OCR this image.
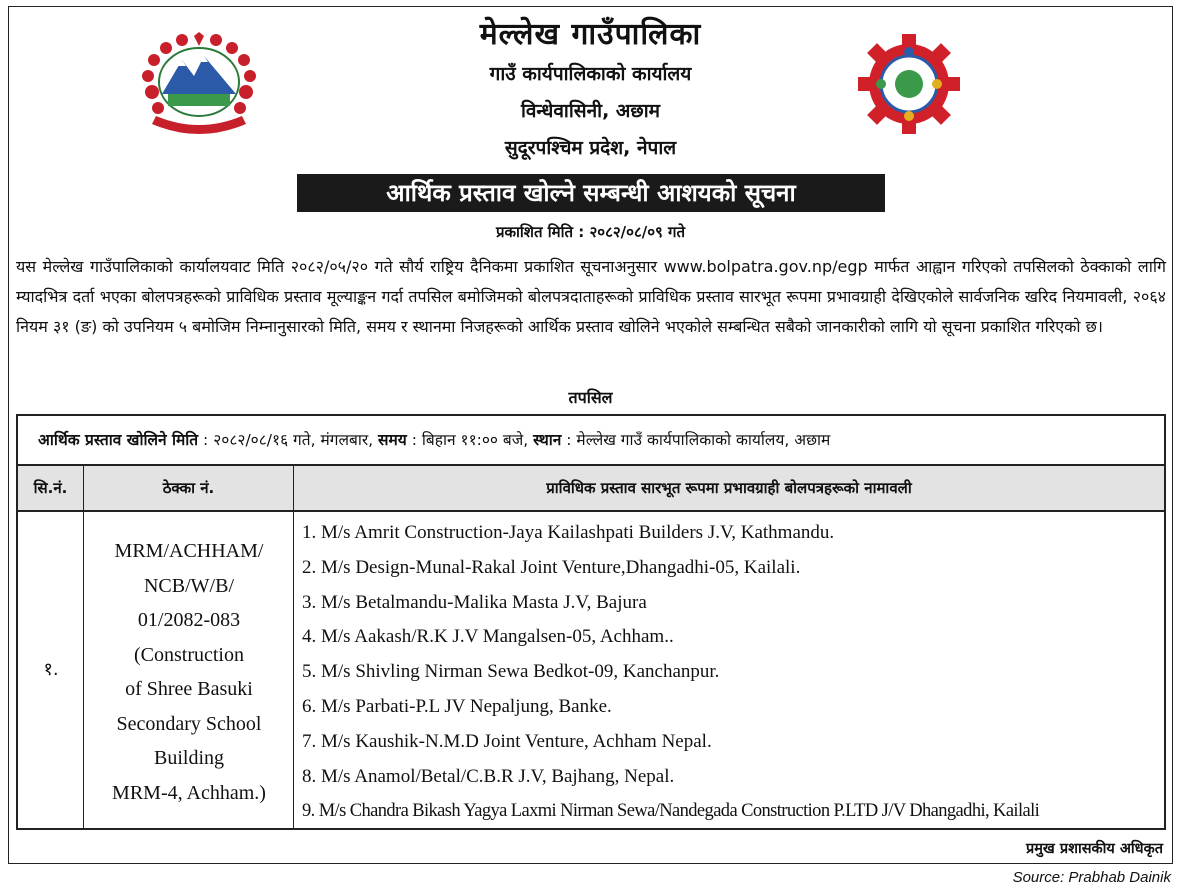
मेल्लेख गाउँपालिका
गाउँ कार्यपालिकाको कार्यालय
विन्धेवासिनी, अछाम
सुदूरपश्चिम प्रदेश, नेपाल
आर्थिक प्रस्ताव खोल्ने सम्बन्धी आशयको सूचना
प्रकाशित मिति : २०८२/०८/०९ गते
यस मेल्लेख गाउँपालिकाको कार्यालयवाट मिति २०८२/०५/२० गते सौर्य राष्ट्रिय दैनिकमा प्रकाशित सूचनाअनुसार www.bolpatra.gov.np/egp मार्फत आह्वान गरिएको तपसिलको ठेक्काको लागि म्यादभित्र दर्ता भएका बोलपत्रहरूको प्राविधिक प्रस्ताव मूल्याङ्कन गर्दा तपसिल बमोजिमको बोलपत्रदाताहरूको प्राविधिक प्रस्ताव सारभूत रूपमा प्रभावग्राही देखिएकोले सार्वजनिक खरिद नियमावली, २०६४ नियम ३१ (ङ) को उपनियम ५ बमोजिम निम्नानुसारको मिति, समय र स्थानमा निजहरूको आर्थिक प्रस्ताव खोलिने भएकोले सम्बन्धित सबैको जानकारीको लागि यो सूचना प्रकाशित गरिएको छ।
तपसिल
आर्थिक प्रस्ताव खोलिने मिति : २०८२/०८/१६ गते, मंगलबार, समय : बिहान ११:०० बजे, स्थान : मेल्लेख गाउँ कार्यपालिकाको कार्यालय, अछाम
सि.नं.	ठेक्का नं.	प्राविधिक प्रस्ताव सारभूत रूपमा प्रभावग्राही बोलपत्रहरूको नामावली
१.
MRM/ACHHAM/
NCB/W/B/
01/2082-083
(Construction
of Shree Basuki
Secondary School
Building
MRM-4, Achham.)
1. M/s Amrit Construction-Jaya Kailashpati Builders J.V, Kathmandu.
2. M/s Design-Munal-Rakal Joint Venture,Dhangadhi-05, Kailali.
3. M/s Betalmandu-Malika Masta J.V, Bajura
4. M/s Aakash/R.K J.V Mangalsen-05, Achham..
5. M/s Shivling Nirman Sewa Bedkot-09, Kanchanpur.
6. M/s Parbati-P.L JV Nepaljung, Banke.
7. M/s Kaushik-N.M.D Joint Venture, Achham Nepal.
8. M/s Anamol/Betal/C.B.R J.V, Bajhang, Nepal.
9. M/s Chandra Bikash Yagya Laxmi Nirman Sewa/Nandegada Construction P.LTD J/V Dhangadhi, Kailali
प्रमुख प्रशासकीय अधिकृत
Source: Prabhab Dainik
